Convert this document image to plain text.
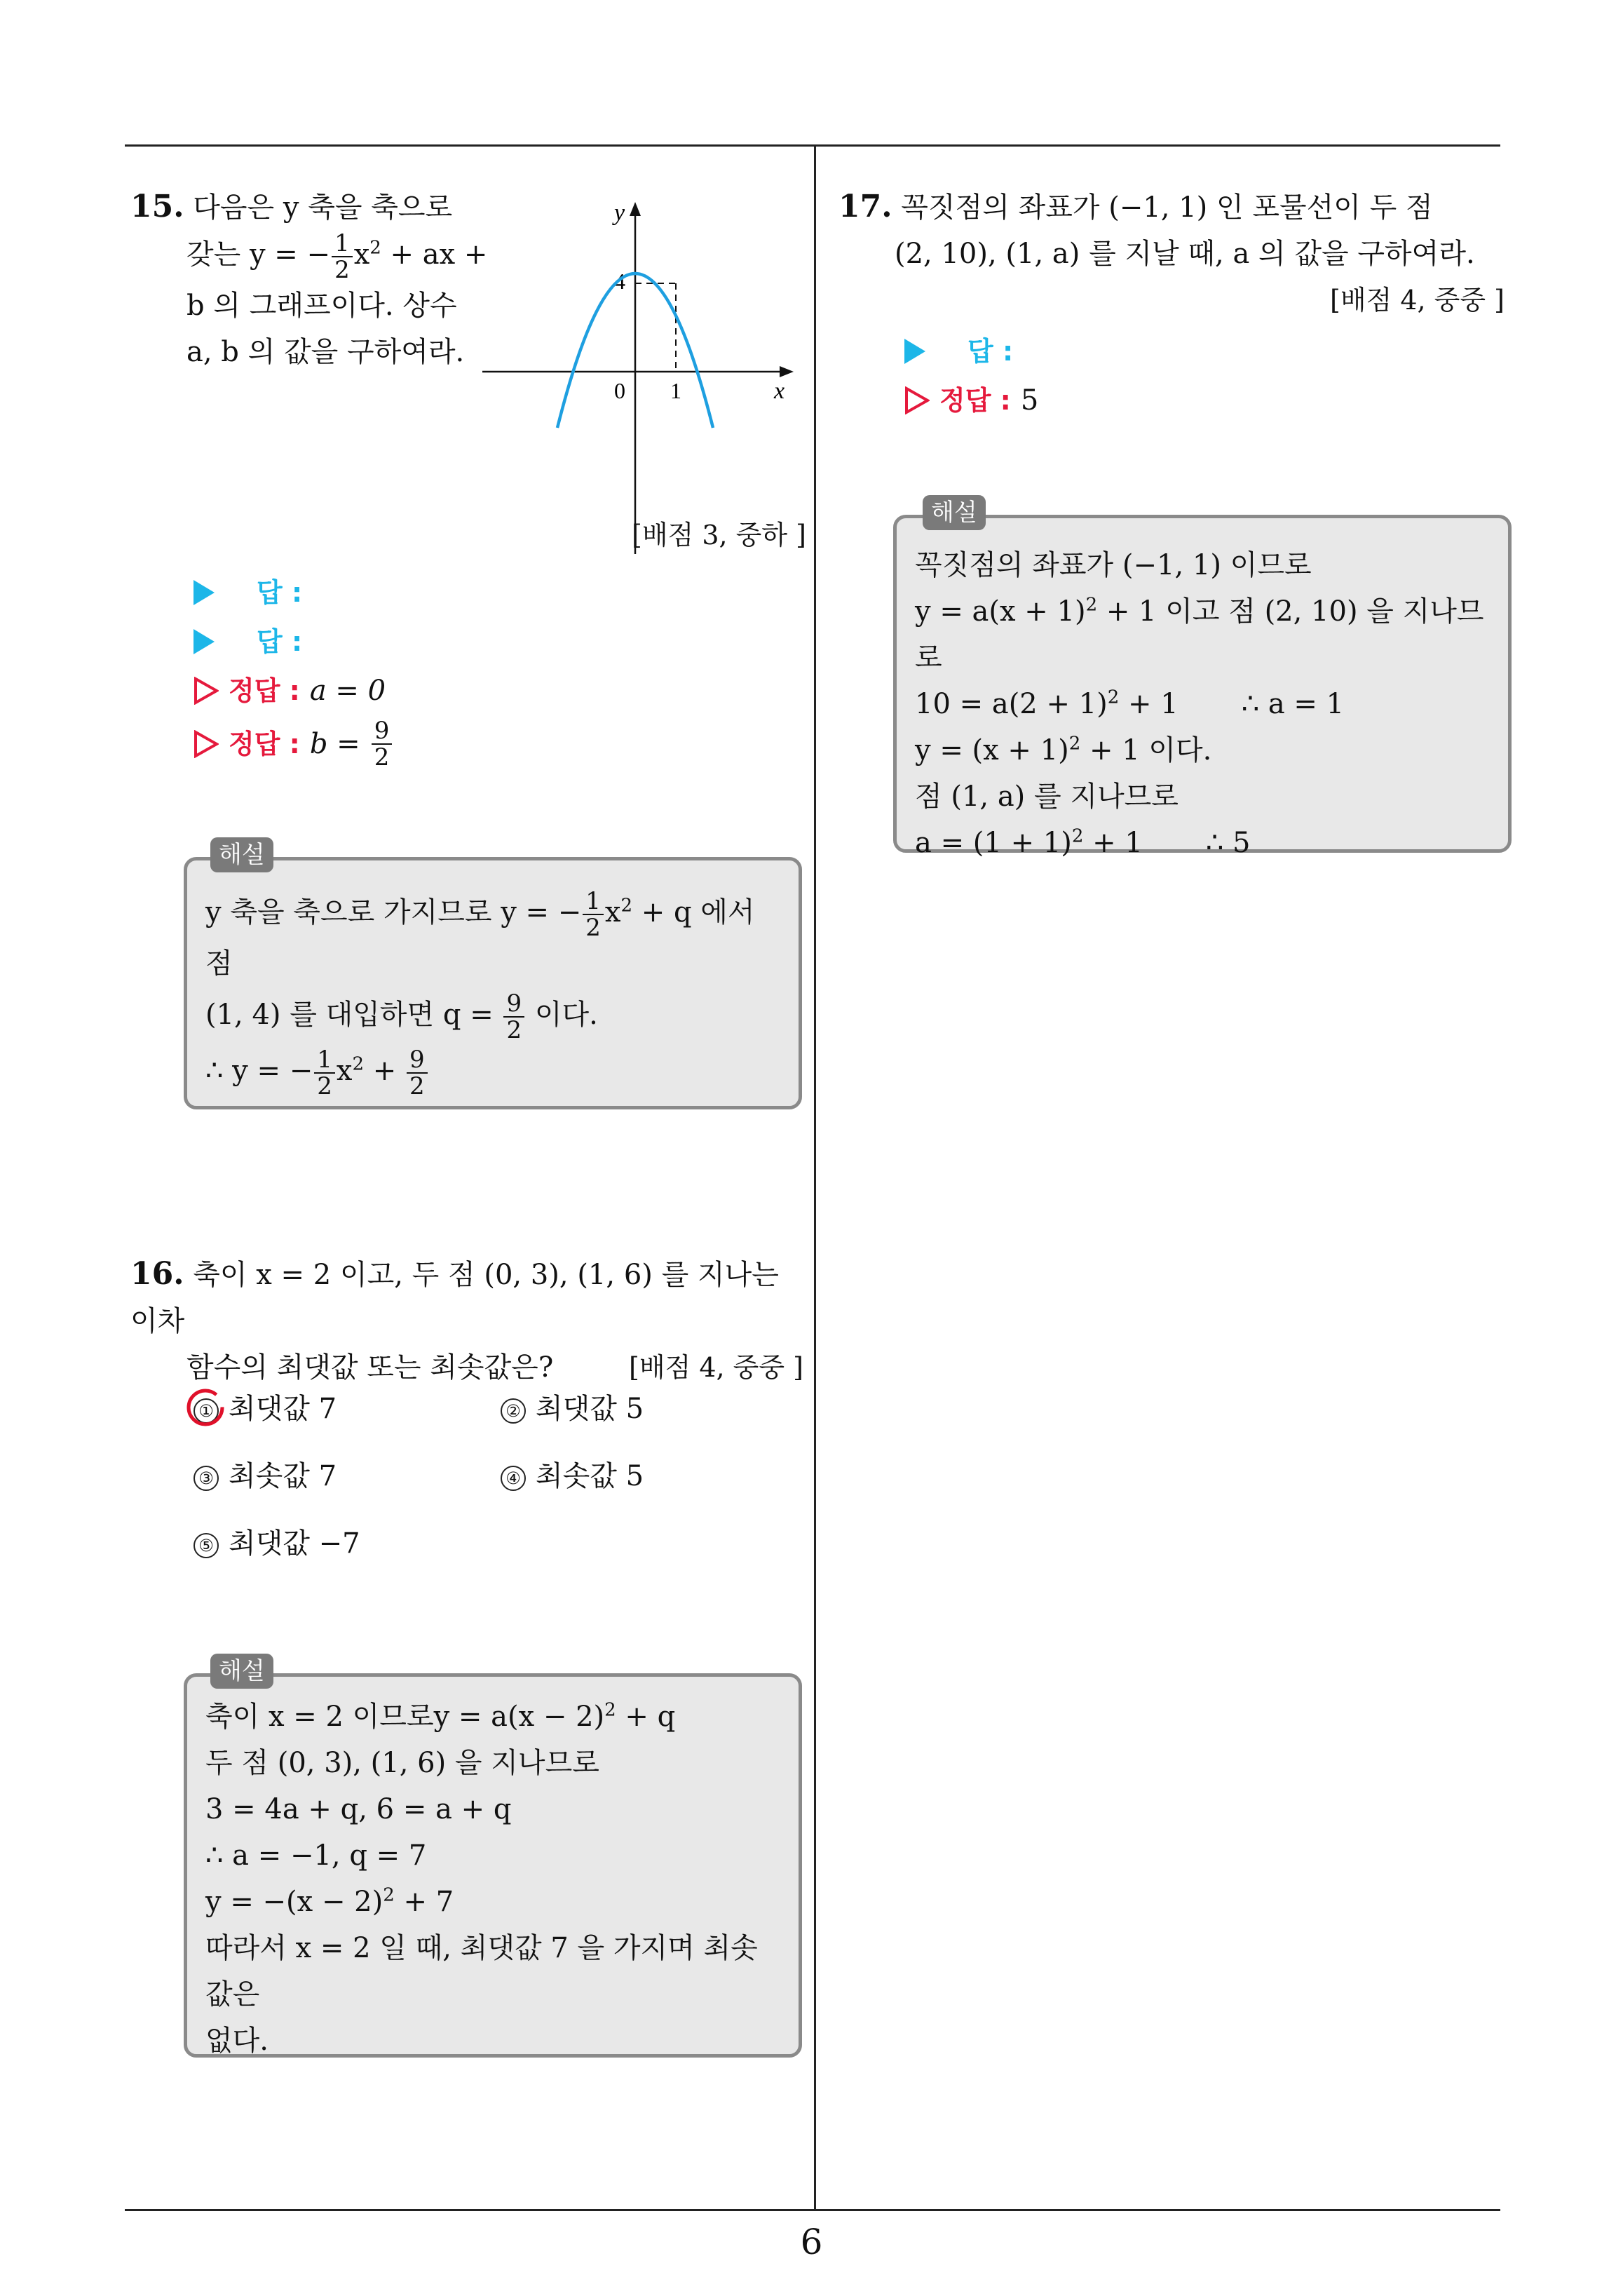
6
15. 다음은 y 축을 축으로
갖는 y = − $\frac{1}{2} x^2$ + ax +
b 의 그래프이다. 상수
a, b 의 값을 구하여라.
y
x
4
0 1
[배점 3, 중하 ]
답 :
답 :
정답 : a = 0
정답 : $b = \frac{9}{2}$
y 축을 축으로 가지므로 y = − $\frac{1}{2} x^2 + q$ 에서 점
(1, 4) 를 대입하면 $q = \frac{9}{2}$ 이다.
∴ y = − $\frac{1}{2} x^2 + \frac{9}{2}$
해설
16. 축이 x = 2 이고, 두 점 (0, 3), (1, 6) 를 지나는 이차
함수의 최댓값 또는 최솟값은?	[배점 4, 중중 ]
① 최댓값 7	② 최댓값 5
③ 최솟값 7	④ 최솟값 5
⑤ 최댓값 −7
축이 x = 2 이므로$y = a(x - 2)^2 + q$
두 점 (0, 3), (1, 6) 을 지나므로
3 = 4a + q, 6 = a + q
∴ a = −1, q = 7
$y = -(x - 2)^2 + 7$
따라서 x = 2 일 때, 최댓값 7 을 가지며 최솟값은
없다.
해설
17. 꼭짓점의 좌표가 (−1, 1) 인 포물선이 두 점
(2, 10), (1, a) 를 지날 때, a 의 값을 구하여라.
[배점 4, 중중 ]
답 :
정답 : 5
꼭짓점의 좌표가 (−1, 1) 이므로
$y = a(x + 1)^2 + 1$ 이고 점 (2, 10) 을 지나므로
$10 = a(2 + 1)^2 + 1$ ∴ a = 1
$y = (x + 1)^2 + 1$ 이다.
점 (1, a) 를 지나므로
$a = (1 + 1)^2 + 1$ ∴ 5
해설
